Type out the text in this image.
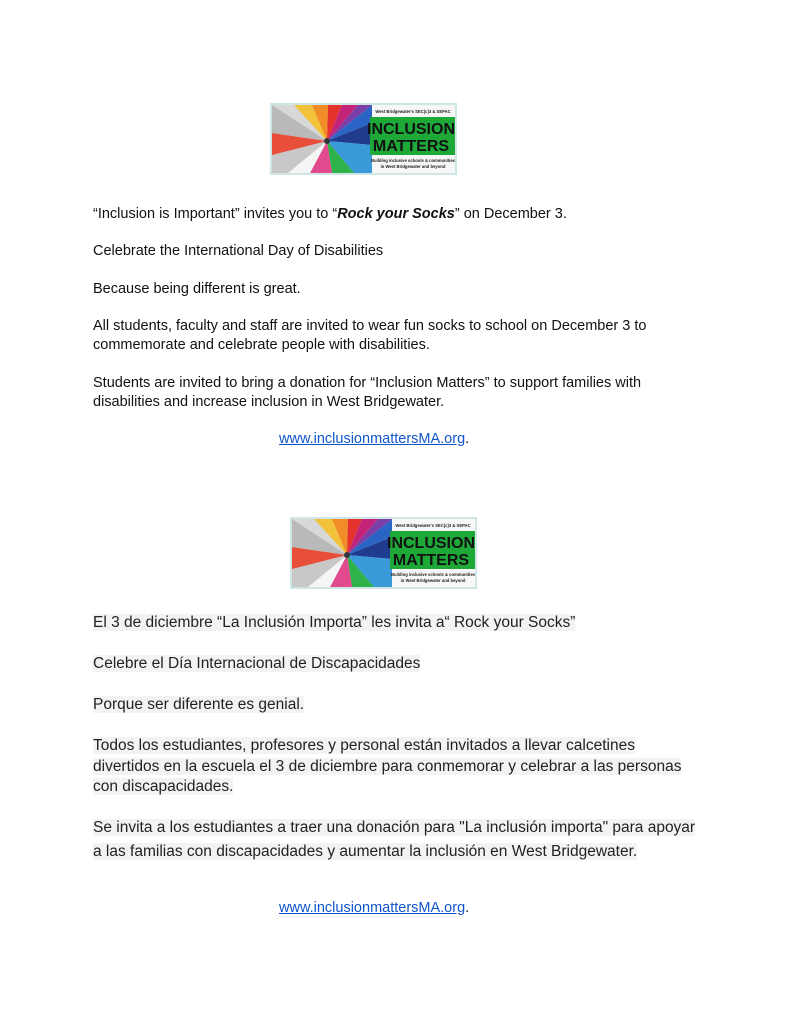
West Bridgewater's SEC(c)3 & SEPAC
INCLUSION
MATTERS
Building inclusive schools & communities
in West Bridgewater and beyond

“Inclusion is Important” invites you to “Rock your Socks” on December 3.

Celebrate the International Day of Disabilities

Because being different is great.

All students, faculty and staff are invited to wear fun socks to school on December 3 to

commemorate and celebrate people with disabilities.

Students are invited to bring a donation for “Inclusion Matters” to support families with

disabilities and increase inclusion in West Bridgewater.

www.inclusionmattersMA.org.
West Bridgewater's SEC(c)3 & SEPAC
INCLUSION
MATTERS
Building inclusive schools & communities
in West Bridgewater and beyond

El 3 de diciembre “La Inclusión Importa” les invita a“ Rock your Socks”

Celebre el Día Internacional de Discapacidades

Porque ser diferente es genial.

Todos los estudiantes, profesores y personal están invitados a llevar calcetines

divertidos en la escuela el 3 de diciembre para conmemorar y celebrar a las personas

con discapacidades.

Se invita a los estudiantes a traer una donación para "La inclusión importa" para apoyar

a las familias con discapacidades y aumentar la inclusión en West Bridgewater.

www.inclusionmattersMA.org.
